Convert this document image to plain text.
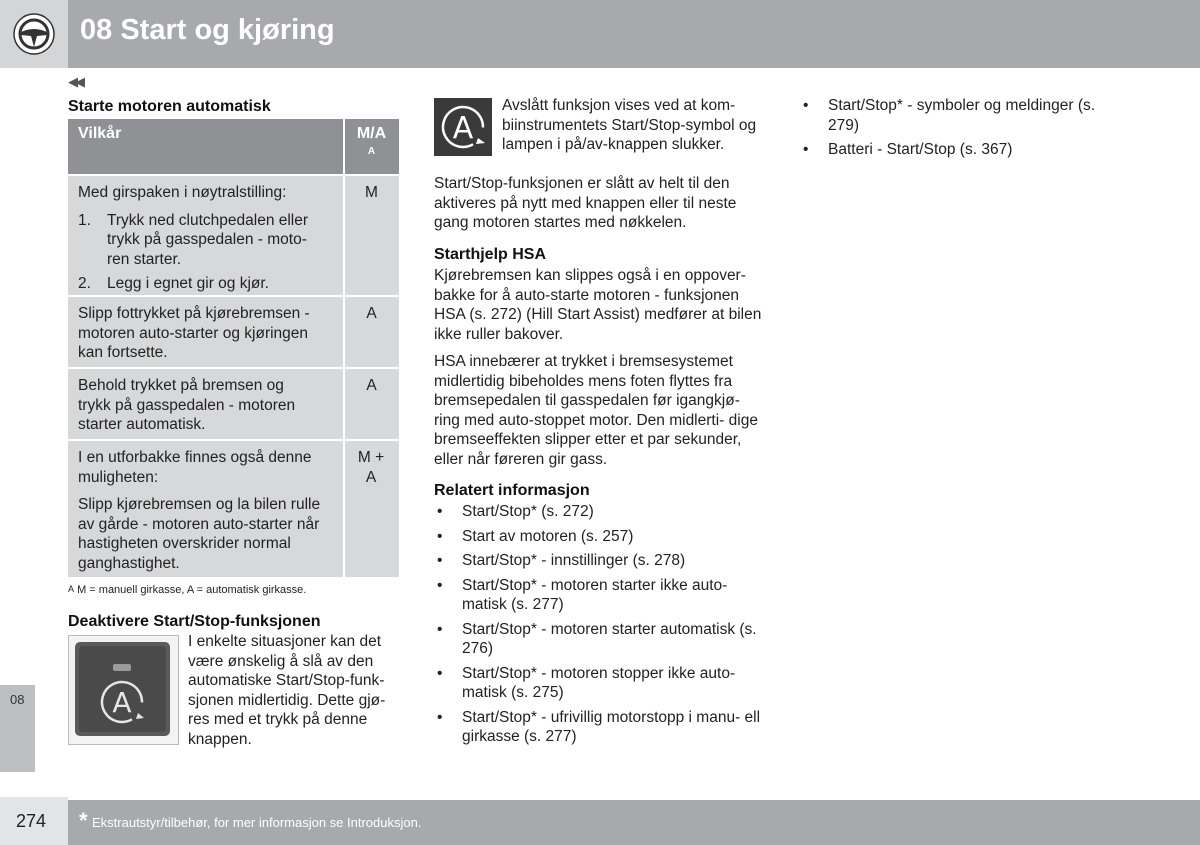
08 Start og kjøring
◀◀
Starte motoren automatisk
Vilkår	M/A
A
Med girspaken i nøytralstilling:
1. Trykk ned clutchpedalen eller trykk på gasspedalen - moto- ren starter.
2. Legg i egnet gir og kjør.
M
Slipp fottrykket på kjørebremsen - motoren auto-starter og kjøringen kan fortsette.
A
Behold trykket på bremsen og trykk på gasspedalen - motoren starter automatisk.
A
I en utforbakke finnes også denne muligheten:
Slipp kjørebremsen og la bilen rulle av gårde - motoren auto-starter når hastigheten overskrider normal ganghastighet.
M + A
$^A$ M = manuell girkasse, A = automatisk girkasse.
Deaktivere Start/Stop-funksjonen
A
I enkelte situasjoner kan det være ønskelig å slå av den automatiske Start/Stop-funk- sjonen midlertidig. Dette gjø- res med et trykk på denne knappen.
A
Avslått funksjon vises ved at kom- biinstrumentets Start/Stop-symbol og lampen i på/av-knappen slukker.
Start/Stop-funksjonen er slått av helt til den aktiveres på nytt med knappen eller til neste gang motoren startes med nøkkelen.
Starthjelp HSA
Kjørebremsen kan slippes også i en oppover- bakke for å auto-starte motoren - funksjonen HSA (s. 272) (Hill Start Assist) medfører at bilen ikke ruller bakover.
HSA innebærer at trykket i bremsesystemet midlertidig bibeholdes mens foten flyttes fra bremsepedalen til gasspedalen før igangkjø- ring med auto-stoppet motor. Den midlerti- dige bremseeffekten slipper etter et par sekunder, eller når føreren gir gass.
Relatert informasjon
• Start/Stop* (s. 272)
• Start av motoren (s. 257)
• Start/Stop* - innstillinger (s. 278)
• Start/Stop* - motoren starter ikke auto- matisk (s. 277)
• Start/Stop* - motoren starter automatisk (s. 276)
• Start/Stop* - motoren stopper ikke auto- matisk (s. 275)
• Start/Stop* - ufrivillig motorstopp i manu- ell girkasse (s. 277)
• Start/Stop* - symboler og meldinger (s. 279)
• Batteri - Start/Stop (s. 367)
08
274 * Ekstrautstyr/tilbehør, for mer informasjon se Introduksjon.
